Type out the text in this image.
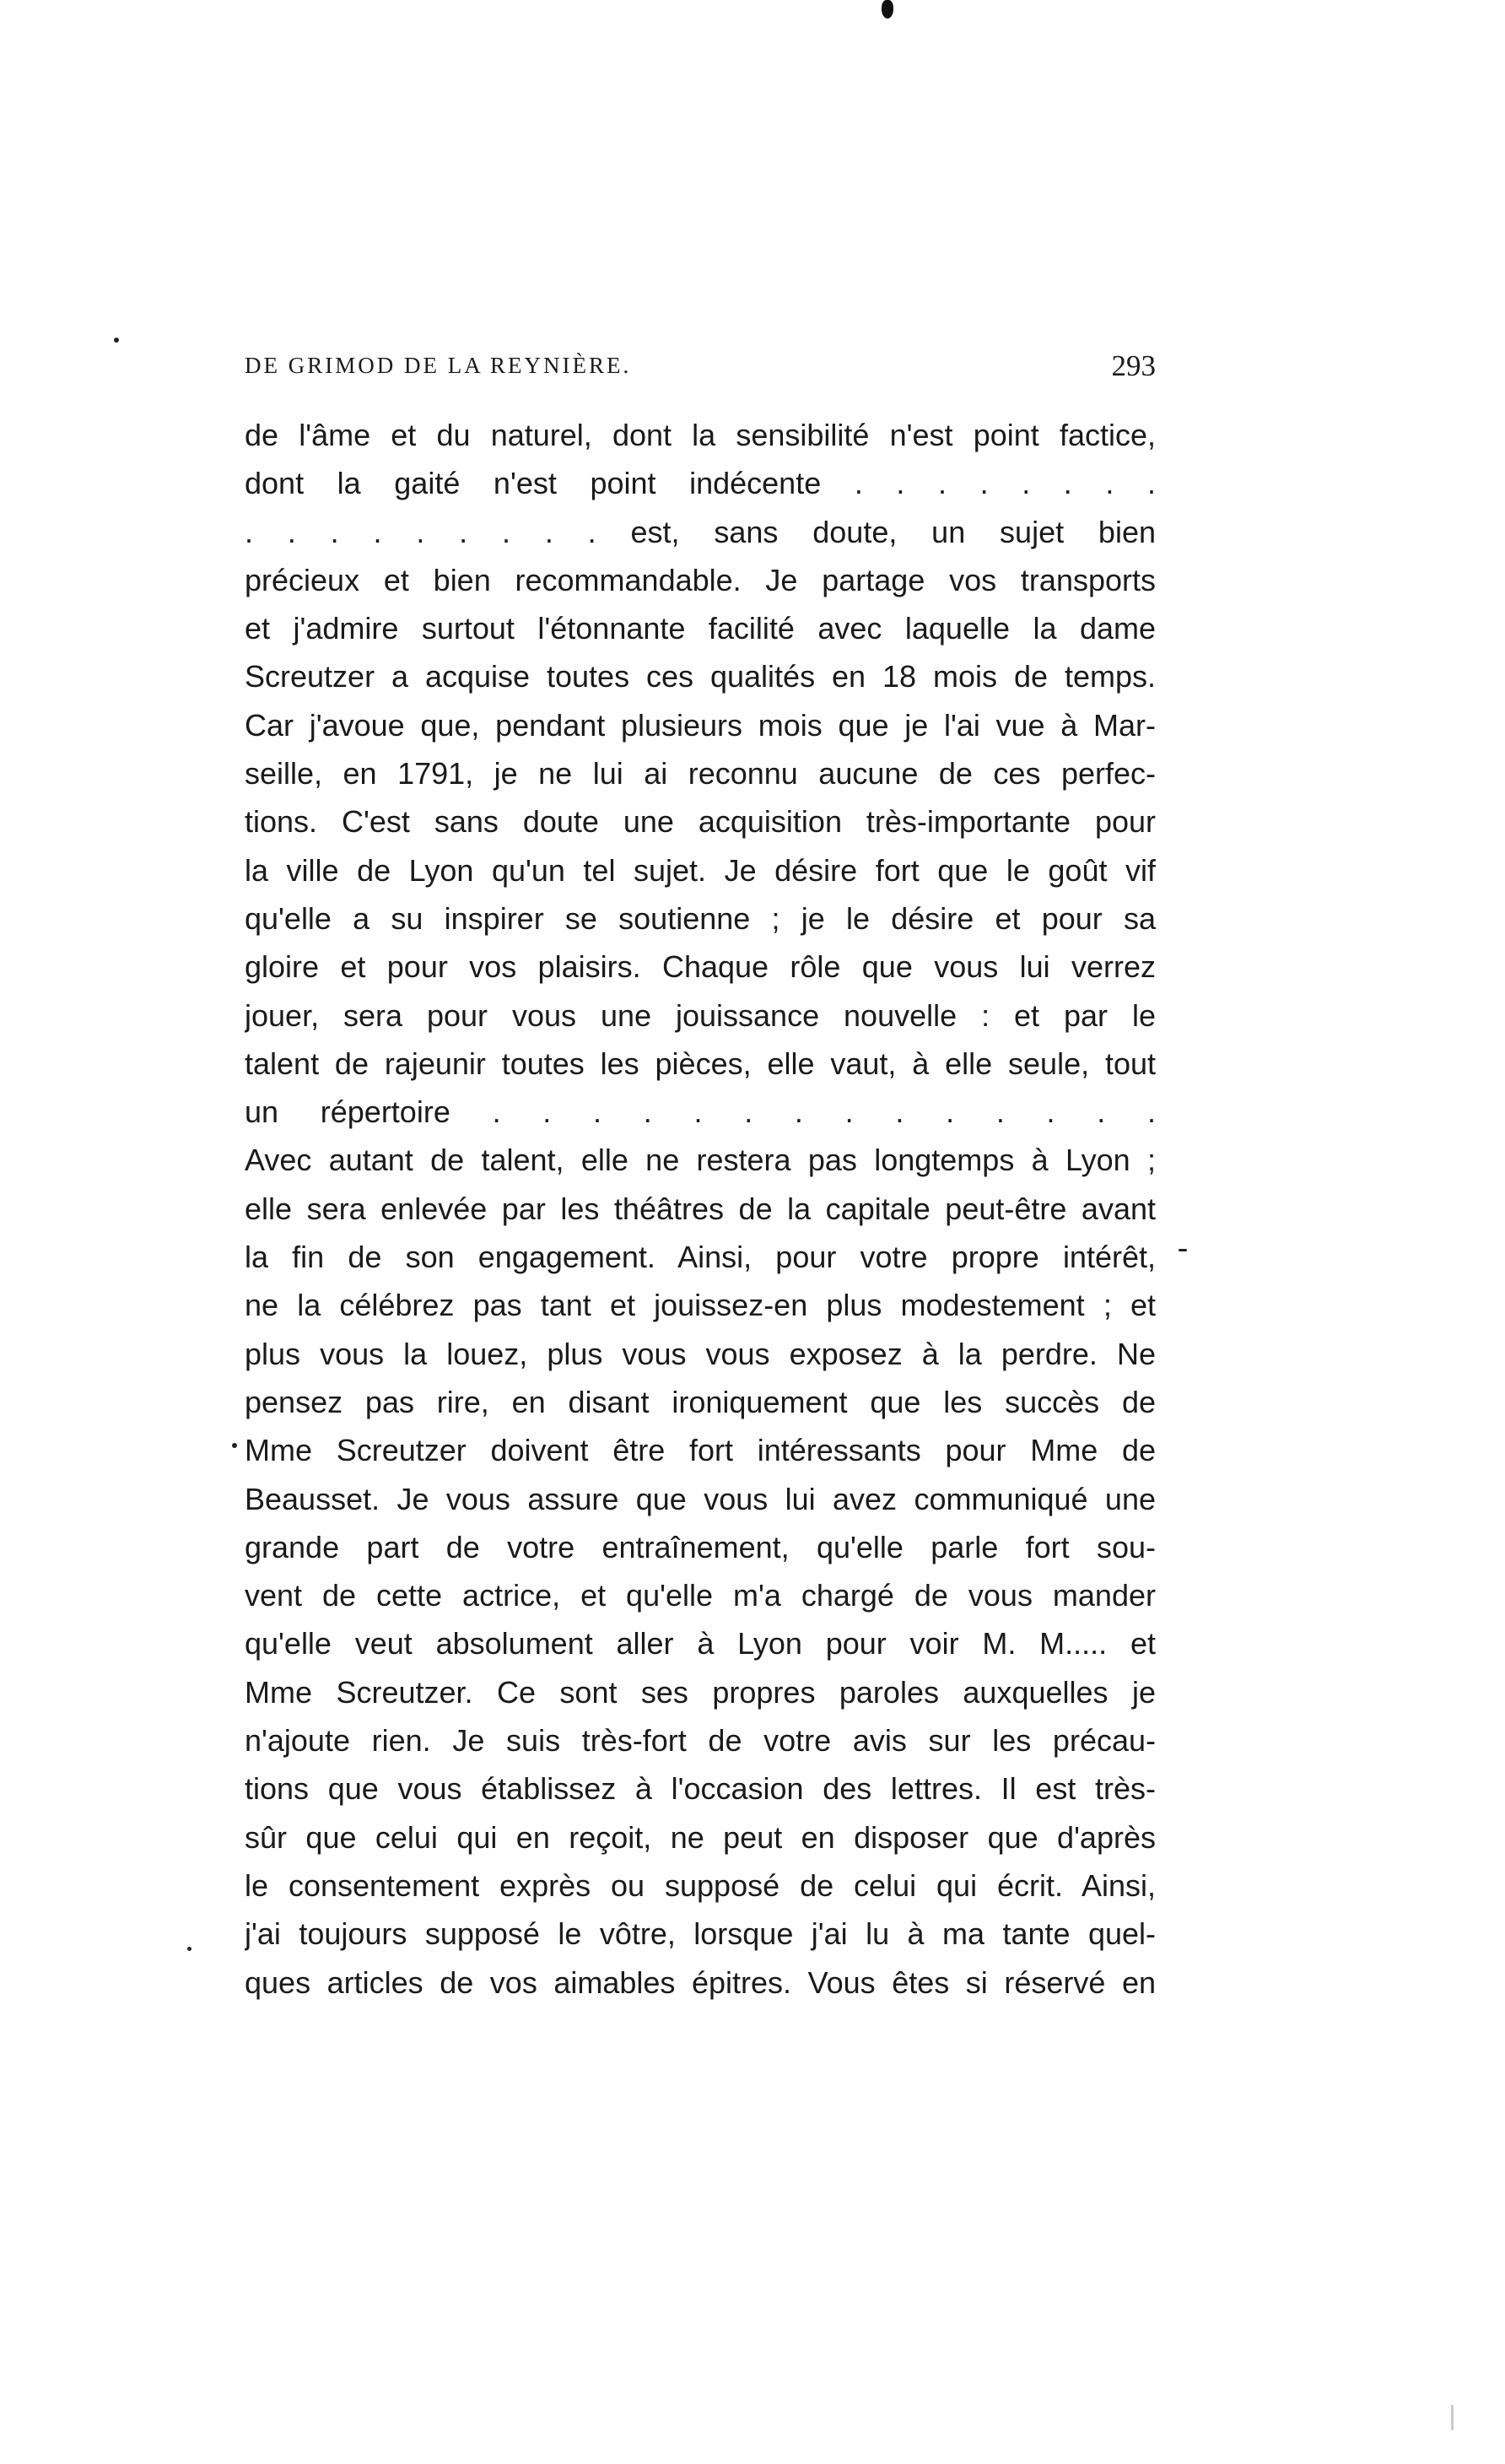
DE GRIMOD DE LA REYNIÈRE.	293
de l'âme et du naturel, dont la sensibilité n'est point factice,
dont la gaité n'est point indécente . . . . . . . .
. . . . . . . . . est, sans doute, un sujet bien
précieux et bien recommandable. Je partage vos transports
et j'admire surtout l'étonnante facilité avec laquelle la dame
Screutzer a acquise toutes ces qualités en 18 mois de temps.
Car j'avoue que, pendant plusieurs mois que je l'ai vue à Mar-
seille, en 1791, je ne lui ai reconnu aucune de ces perfec-
tions. C'est sans doute une acquisition très-importante pour
la ville de Lyon qu'un tel sujet. Je désire fort que le goût vif
qu'elle a su inspirer se soutienne ; je le désire et pour sa
gloire et pour vos plaisirs. Chaque rôle que vous lui verrez
jouer, sera pour vous une jouissance nouvelle : et par le
talent de rajeunir toutes les pièces, elle vaut, à elle seule, tout
un répertoire . . . . . . . . . . . . . .
Avec autant de talent, elle ne restera pas longtemps à Lyon ;
elle sera enlevée par les théâtres de la capitale peut-être avant
la fin de son engagement. Ainsi, pour votre propre intérêt,
ne la célébrez pas tant et jouissez-en plus modestement ; et
plus vous la louez, plus vous vous exposez à la perdre. Ne
pensez pas rire, en disant ironiquement que les succès de
Mme Screutzer doivent être fort intéressants pour Mme de
Beausset. Je vous assure que vous lui avez communiqué une
grande part de votre entraînement, qu'elle parle fort sou-
vent de cette actrice, et qu'elle m'a chargé de vous mander
qu'elle veut absolument aller à Lyon pour voir M. M..... et
Mme Screutzer. Ce sont ses propres paroles auxquelles je
n'ajoute rien. Je suis très-fort de votre avis sur les précau-
tions que vous établissez à l'occasion des lettres. Il est très-
sûr que celui qui en reçoit, ne peut en disposer que d'après
le consentement exprès ou supposé de celui qui écrit. Ainsi,
j'ai toujours supposé le vôtre, lorsque j'ai lu à ma tante quel-
ques articles de vos aimables épitres. Vous êtes si réservé en
